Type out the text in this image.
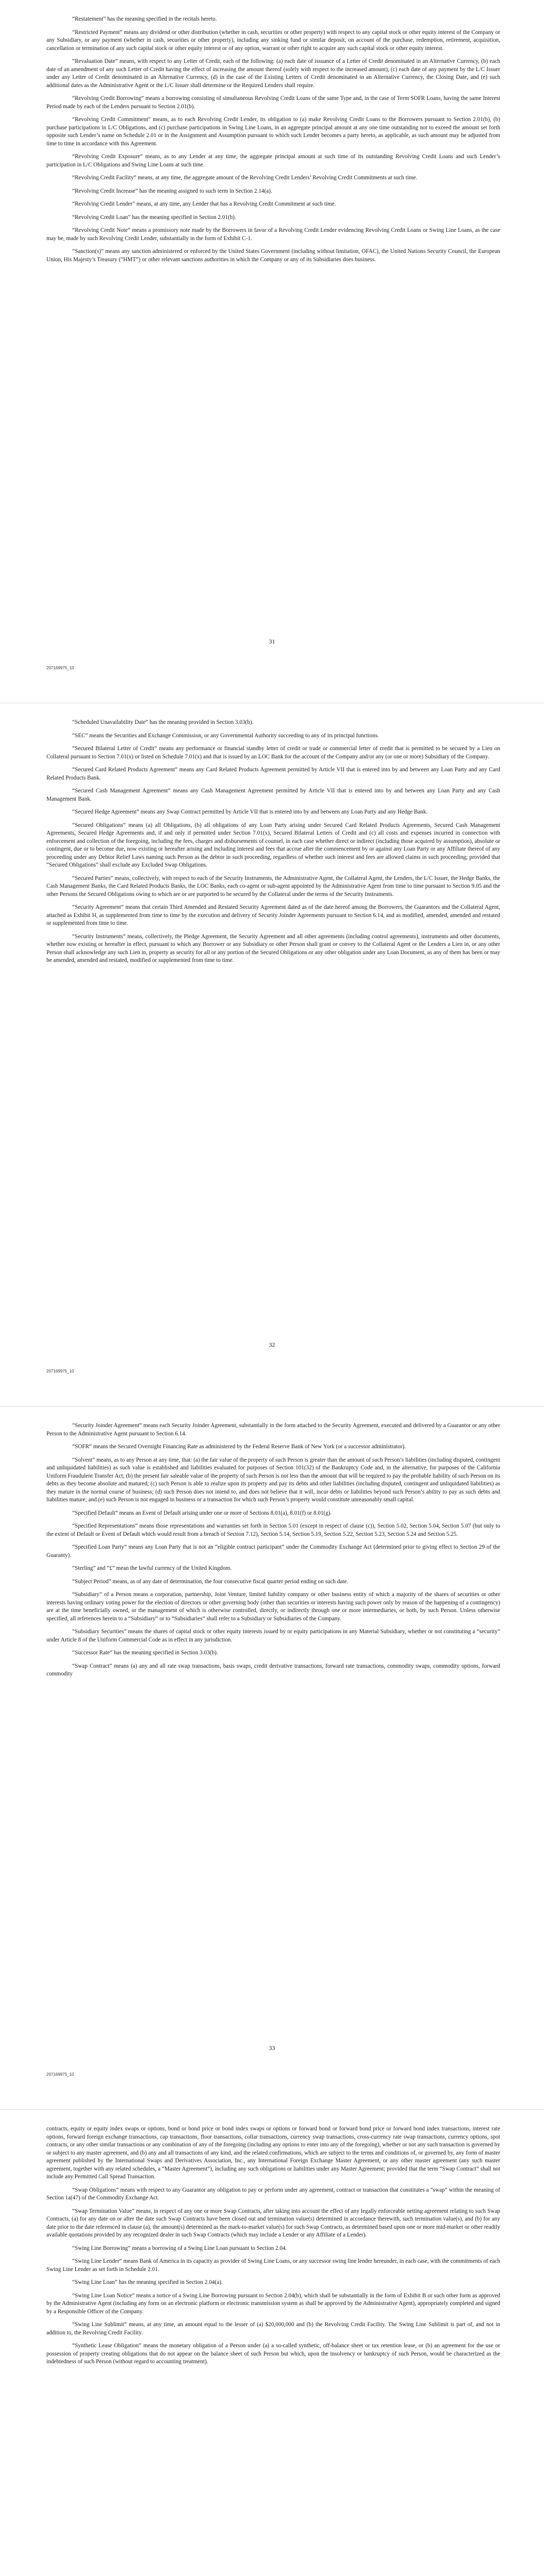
“Restatement” has the meaning specified in the recitals hereto.

“Restricted Payment” means any dividend or other distribution (whether in cash, securities or other property) with respect to any capital stock or other equity interest of the Company or any Subsidiary, or any payment (whether in cash, securities or other property), including any sinking fund or similar deposit, on account of the purchase, redemption, retirement, acquisition, cancellation or termination of any such capital stock or other equity interest or of any option, warrant or other right to acquire any such capital stock or other equity interest.

“Revaluation Date” means, with respect to any Letter of Credit, each of the following: (a) each date of issuance of a Letter of Credit denominated in an Alternative Currency, (b) each date of an amendment of any such Letter of Credit having the effect of increasing the amount thereof (solely with respect to the increased amount), (c) each date of any payment by the L/C Issuer under any Letter of Credit denominated in an Alternative Currency, (d) in the case of the Existing Letters of Credit denominated in an Alternative Currency, the Closing Date, and (e) such additional dates as the Administrative Agent or the L/C Issuer shall determine or the Required Lenders shall require.

“Revolving Credit Borrowing” means a borrowing consisting of simultaneous Revolving Credit Loans of the same Type and, in the case of Term SOFR Loans, having the same Interest Period made by each of the Lenders pursuant to Section 2.01(b).

“Revolving Credit Commitment” means, as to each Revolving Credit Lender, its obligation to (a) make Revolving Credit Loans to the Borrowers pursuant to Section 2.01(b), (b) purchase participations in L/C Obligations, and (c) purchase participations in Swing Line Loans, in an aggregate principal amount at any one time outstanding not to exceed the amount set forth opposite such Lender’s name on Schedule 2.01 or in the Assignment and Assumption pursuant to which such Lender becomes a party hereto, as applicable, as such amount may be adjusted from time to time in accordance with this Agreement.

“Revolving Credit Exposure” means, as to any Lender at any time, the aggregate principal amount at such time of its outstanding Revolving Credit Loans and such Lender’s participation in L/C Obligations and Swing Line Loans at such time.

“Revolving Credit Facility” means, at any time, the aggregate amount of the Revolving Credit Lenders’ Revolving Credit Commitments at such time.

“Revolving Credit Increase” has the meaning assigned to such term in Section 2.14(a).

“Revolving Credit Lender” means, at any time, any Lender that has a Revolving Credit Commitment at such time.

“Revolving Credit Loan” has the meaning specified in Section 2.01(b).

“Revolving Credit Note” means a promissory note made by the Borrowers in favor of a Revolving Credit Lender evidencing Revolving Credit Loans or Swing Line Loans, as the case may be, made by such Revolving Credit Lender, substantially in the form of Exhibit C-1.

“Sanction(s)” means any sanction administered or enforced by the United States Government (including without limitation, OFAC), the United Nations Security Council, the European Union, His Majesty’s Treasury (“HMT”) or other relevant sanctions authorities in which the Company or any of its Subsidiaries does business.

31
207169975_10

“Scheduled Unavailability Date” has the meaning provided in Section 3.03(b).

“SEC” means the Securities and Exchange Commission, or any Governmental Authority succeeding to any of its principal functions.

“Secured Bilateral Letter of Credit” means any performance or financial standby letter of credit or trade or commercial letter of credit that is permitted to be secured by a Lien on Collateral pursuant to Section 7.01(x) or listed on Schedule 7.01(x) and that is issued by an LOC Bank for the account of the Company and/or any (or one or more) Subsidiary of the Company.

“Secured Card Related Products Agreement” means any Card Related Products Agreement permitted by Article VII that is entered into by and between any Loan Party and any Card Related Products Bank.

“Secured Cash Management Agreement” means any Cash Management Agreement permitted by Article VII that is entered into by and between any Loan Party and any Cash Management Bank.

“Secured Hedge Agreement” means any Swap Contract permitted by Article VII that is entered into by and between any Loan Party and any Hedge Bank.

“Secured Obligations” means (a) all Obligations, (b) all obligations of any Loan Party arising under Secured Card Related Products Agreements, Secured Cash Management Agreements, Secured Hedge Agreements and, if and only if permitted under Section 7.01(x), Secured Bilateral Letters of Credit and (c) all costs and expenses incurred in connection with enforcement and collection of the foregoing, including the fees, charges and disbursements of counsel, in each case whether direct or indirect (including those acquired by assumption), absolute or contingent, due or to become due, now existing or hereafter arising and including interest and fees that accrue after the commencement by or against any Loan Party or any Affiliate thereof of any proceeding under any Debtor Relief Laws naming such Person as the debtor in such proceeding, regardless of whether such interest and fees are allowed claims in such proceeding; provided that “Secured Obligations” shall exclude any Excluded Swap Obligations.

“Secured Parties” means, collectively, with respect to each of the Security Instruments, the Administrative Agent, the Collateral Agent, the Lenders, the L/C Issuer, the Hedge Banks, the Cash Management Banks, the Card Related Products Banks, the LOC Banks, each co-agent or sub-agent appointed by the Administrative Agent from time to time pursuant to Section 9.05 and the other Persons the Secured Obligations owing to which are or are purported to be secured by the Collateral under the terms of the Security Instruments.

“Security Agreement” means that certain Third Amended and Restated Security Agreement dated as of the date hereof among the Borrowers, the Guarantors and the Collateral Agent, attached as Exhibit H, as supplemented from time to time by the execution and delivery of Security Joinder Agreements pursuant to Section 6.14, and as modified, amended, amended and restated or supplemented from time to time.

“Security Instruments” means, collectively, the Pledge Agreement, the Security Agreement and all other agreements (including control agreements), instruments and other documents, whether now existing or hereafter in effect, pursuant to which any Borrower or any Subsidiary or other Person shall grant or convey to the Collateral Agent or the Lenders a Lien in, or any other Person shall acknowledge any such Lien in, property as security for all or any portion of the Secured Obligations or any other obligation under any Loan Document, as any of them has been or may be amended, amended and restated, modified or supplemented from time to time.

32
207169975_10

“Security Joinder Agreement” means each Security Joinder Agreement, substantially in the form attached to the Security Agreement, executed and delivered by a Guarantor or any other Person to the Administrative Agent pursuant to Section 6.14.

“SOFR” means the Secured Overnight Financing Rate as administered by the Federal Reserve Bank of New York (or a successor administrator).

“Solvent” means, as to any Person at any time, that: (a) the fair value of the property of such Person is greater than the amount of such Person’s liabilities (including disputed, contingent and unliquidated liabilities) as such value is established and liabilities evaluated for purposes of Section 101(32) of the Bankruptcy Code and, in the alternative, for purposes of the California Uniform Fraudulent Transfer Act; (b) the present fair saleable value of the property of such Person is not less than the amount that will be required to pay the probable liability of such Person on its debts as they become absolute and matured; (c) such Person is able to realize upon its property and pay its debts and other liabilities (including disputed, contingent and unliquidated liabilities) as they mature in the normal course of business; (d) such Person does not intend to, and does not believe that it will, incur debts or liabilities beyond such Person’s ability to pay as such debts and liabilities mature; and (e) such Person is not engaged in business or a transaction for which such Person’s property would constitute unreasonably small capital.

“Specified Default” means an Event of Default arising under one or more of Sections 8.01(a), 8.01(f) or 8.01(g).

“Specified Representations” means those representations and warranties set forth in Section 5.01 (except in respect of clause (c)), Section 5.02, Section 5.04, Section 5.07 (but only to the extent of Default or Event of Default which would result from a breach of Section 7.12), Section 5.14, Section 5.19, Section 5.22, Section 5.23, Section 5.24 and Section 5.25.

“Specified Loan Party” means any Loan Party that is not an “eligible contract participant” under the Commodity Exchange Act (determined prior to giving effect to Section 29 of the Guaranty).

“Sterling” and “£” mean the lawful currency of the United Kingdom.

“Subject Period” means, as of any date of determination, the four consecutive fiscal quarter period ending on such date.

“Subsidiary” of a Person means a corporation, partnership, Joint Venture, limited liability company or other business entity of which a majority of the shares of securities or other interests having ordinary voting power for the election of directors or other governing body (other than securities or interests having such power only by reason of the happening of a contingency) are at the time beneficially owned, or the management of which is otherwise controlled, directly, or indirectly through one or more intermediaries, or both, by such Person. Unless otherwise specified, all references herein to a “Subsidiary” or to “Subsidiaries” shall refer to a Subsidiary or Subsidiaries of the Company.

“Subsidiary Securities” means the shares of capital stock or other equity interests issued by or equity participations in any Material Subsidiary, whether or not constituting a “security” under Article 8 of the Uniform Commercial Code as in effect in any jurisdiction.

“Successor Rate” has the meaning specified in Section 3.03(b).

“Swap Contract” means (a) any and all rate swap transactions, basis swaps, credit derivative transactions, forward rate transactions, commodity swaps, commodity options, forward commodity

33
207169975_10

contracts, equity or equity index swaps or options, bond or bond price or bond index swaps or options or forward bond or forward bond price or forward bond index transactions, interest rate options, forward foreign exchange transactions, cap transactions, floor transactions, collar transactions, currency swap transactions, cross-currency rate swap transactions, currency options, spot contracts, or any other similar transactions or any combination of any of the foregoing (including any options to enter into any of the foregoing), whether or not any such transaction is governed by or subject to any master agreement, and (b) any and all transactions of any kind, and the related confirmations, which are subject to the terms and conditions of, or governed by, any form of master agreement published by the International Swaps and Derivatives Association, Inc., any International Foreign Exchange Master Agreement, or any other master agreement (any such master agreement, together with any related schedules, a “Master Agreement”), including any such obligations or liabilities under any Master Agreement; provided that the term “Swap Contract” shall not include any Permitted Call Spread Transaction.

“Swap Obligations” means with respect to any Guarantor any obligation to pay or perform under any agreement, contract or transaction that constitutes a “swap” within the meaning of Section 1a(47) of the Commodity Exchange Act.

“Swap Termination Value” means, in respect of any one or more Swap Contracts, after taking into account the effect of any legally enforceable netting agreement relating to such Swap Contracts, (a) for any date on or after the date such Swap Contracts have been closed out and termination value(s) determined in accordance therewith, such termination value(s), and (b) for any date prior to the date referenced in clause (a), the amount(s) determined as the mark-to-market value(s) for such Swap Contracts, as determined based upon one or more mid-market or other readily available quotations provided by any recognized dealer in such Swap Contracts (which may include a Lender or any Affiliate of a Lender).

“Swing Line Borrowing” means a borrowing of a Swing Line Loan pursuant to Section 2.04.

“Swing Line Lender” means Bank of America in its capacity as provider of Swing Line Loans, or any successor swing line lender hereunder, in each case, with the commitments of each Swing Line Lender as set forth in Schedule 2.01.

“Swing Line Loan” has the meaning specified in Section 2.04(a).

“Swing Line Loan Notice” means a notice of a Swing Line Borrowing pursuant to Section 2.04(b), which shall be substantially in the form of Exhibit B or such other form as approved by the Administrative Agent (including any form on an electronic platform or electronic transmission system as shall be approved by the Administrative Agent), appropriately completed and signed by a Responsible Officer of the Company.

“Swing Line Sublimit” means, at any time, an amount equal to the lesser of (a) $20,000,000 and (b) the Revolving Credit Facility. The Swing Line Sublimit is part of, and not in addition to, the Revolving Credit Facility.

“Synthetic Lease Obligation” means the monetary obligation of a Person under (a) a so-called synthetic, off-balance sheet or tax retention lease, or (b) an agreement for the use or possession of property creating obligations that do not appear on the balance sheet of such Person but which, upon the insolvency or bankruptcy of such Person, would be characterized as the indebtedness of such Person (without regard to accounting treatment).
